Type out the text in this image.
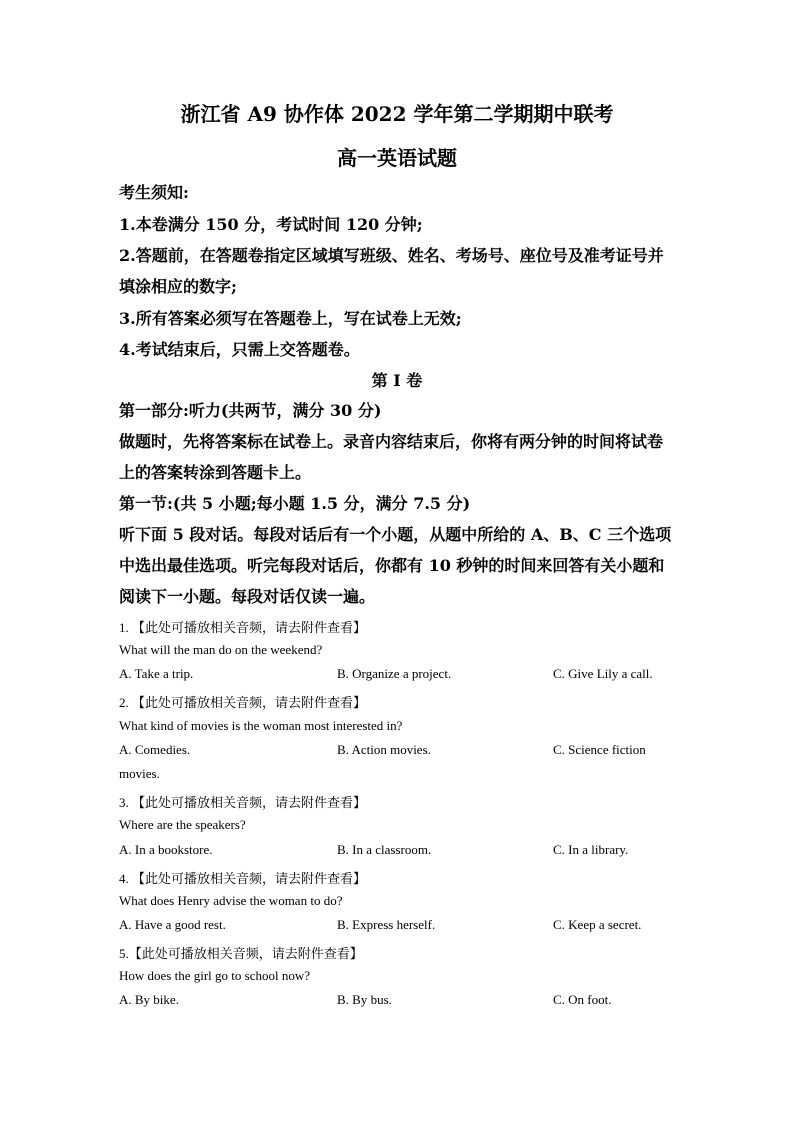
浙江省 A9 协作体 2022 学年第二学期期中联考
高一英语试题
考生须知:
1.本卷满分 150 分，考试时间 120 分钟;
2.答题前，在答题卷指定区域填写班级、姓名、考场号、座位号及准考证号并
填涂相应的数字;
3.所有答案必须写在答题卷上，写在试卷上无效;
4.考试结束后，只需上交答题卷。
第 I 卷
第一部分:听力(共两节，满分 30 分)
做题时，先将答案标在试卷上。录音内容结束后，你将有两分钟的时间将试卷
上的答案转涂到答题卡上。
第一节:(共 5 小题;每小题 1.5 分，满分 7.5 分)
听下面 5 段对话。每段对话后有一个小题，从题中所给的 A、B、C 三个选项
中选出最佳选项。听完每段对话后，你都有 10 秒钟的时间来回答有关小题和
阅读下一小题。每段对话仅读一遍。
1. 【此处可播放相关音频，请去附件查看】
What will the man do on the weekend?
A. Take a trip.	B. Organize a project.	C. Give Lily a call.
2. 【此处可播放相关音频，请去附件查看】
What kind of movies is the woman most interested in?
A. Comedies.	B. Action movies.	C. Science fiction
movies.
3. 【此处可播放相关音频，请去附件查看】
Where are the speakers?
A. In a bookstore.	B. In a classroom.	C. In a library.
4. 【此处可播放相关音频，请去附件查看】
What does Henry advise the woman to do?
A. Have a good rest.	B. Express herself.	C. Keep a secret.
5.【此处可播放相关音频，请去附件查看】
How does the girl go to school now?
A. By bike.	B. By bus.	C. On foot.
